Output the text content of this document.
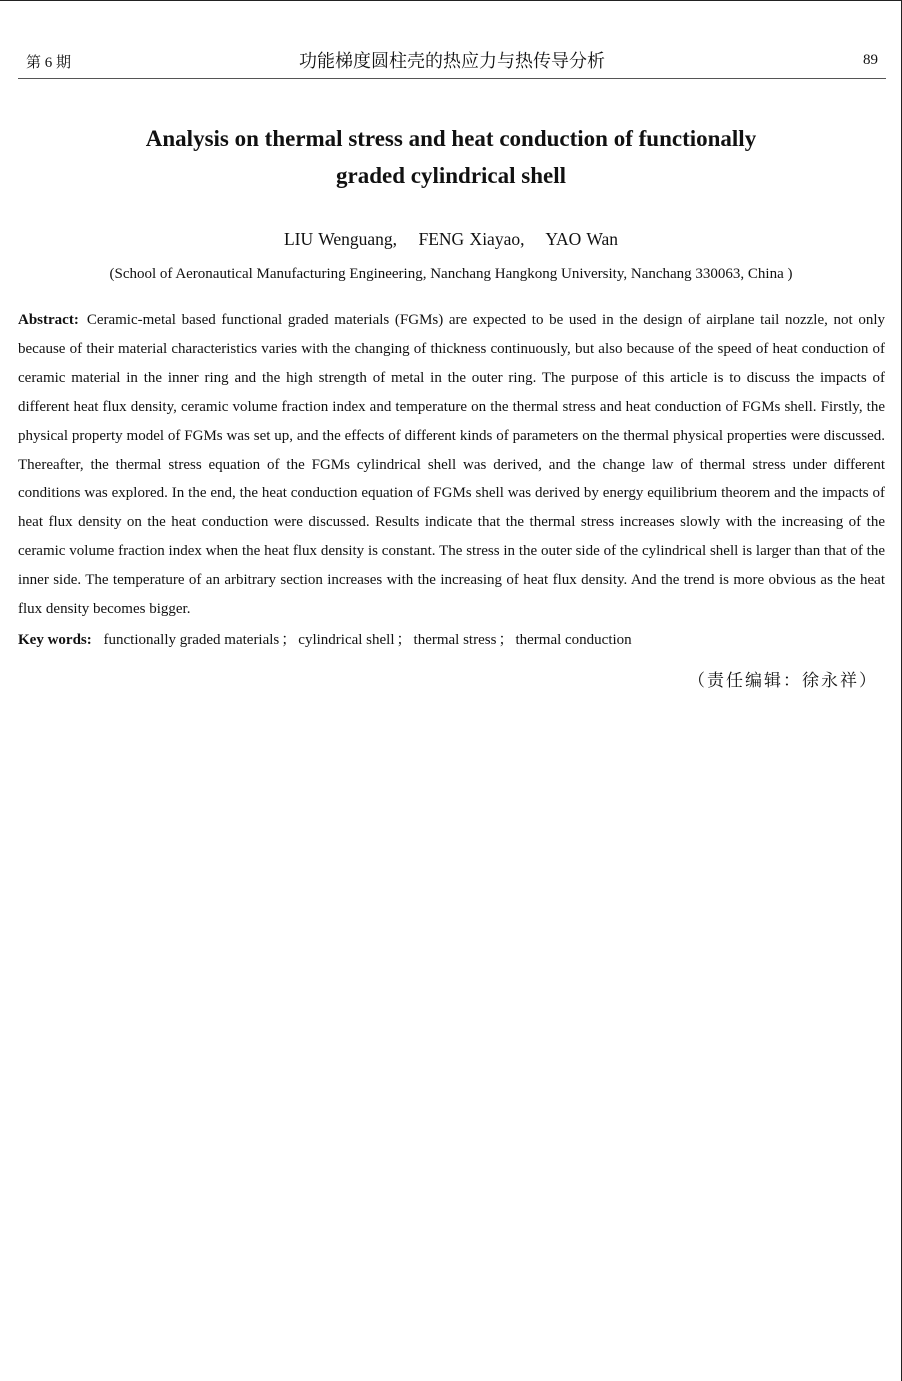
第 6 期	功能梯度圆柱壳的热应力与热传导分析	89
Analysis on thermal stress and heat conduction of functionally
graded cylindrical shell
LIU Wenguang, FENG Xiayao, YAO Wan
(School of Aeronautical Manufacturing Engineering, Nanchang Hangkong University, Nanchang 330063, China )

Abstract: Ceramic-metal based functional graded materials (FGMs) are expected to be used in the design of airplane tail nozzle, not only because of their material characteristics varies with the changing of thickness continuously, but also because of the speed of heat conduction of ceramic material in the inner ring and the high strength of metal in the outer ring. The purpose of this article is to discuss the impacts of different heat flux density, ceramic volume fraction index and temperature on the thermal stress and heat conduction of FGMs shell. Firstly, the physical property model of FGMs was set up, and the effects of different kinds of parameters on the thermal physical properties were discussed. Thereafter, the thermal stress equation of the FGMs cylindrical shell was derived, and the change law of thermal stress under different conditions was explored. In the end, the heat conduction equation of FGMs shell was derived by energy equilibrium theorem and the impacts of heat flux density on the heat conduction were discussed. Results indicate that the thermal stress increases slowly with the increasing of the ceramic volume fraction index when the heat flux density is constant. The stress in the outer side of the cylindrical shell is larger than that of the inner side. The temperature of an arbitrary section increases with the increasing of heat flux density. And the trend is more obvious as the heat flux density becomes bigger.

Key words: functionally graded materials ； cylindrical shell ； thermal stress ； thermal conduction
（责任编辑：徐永祥）
